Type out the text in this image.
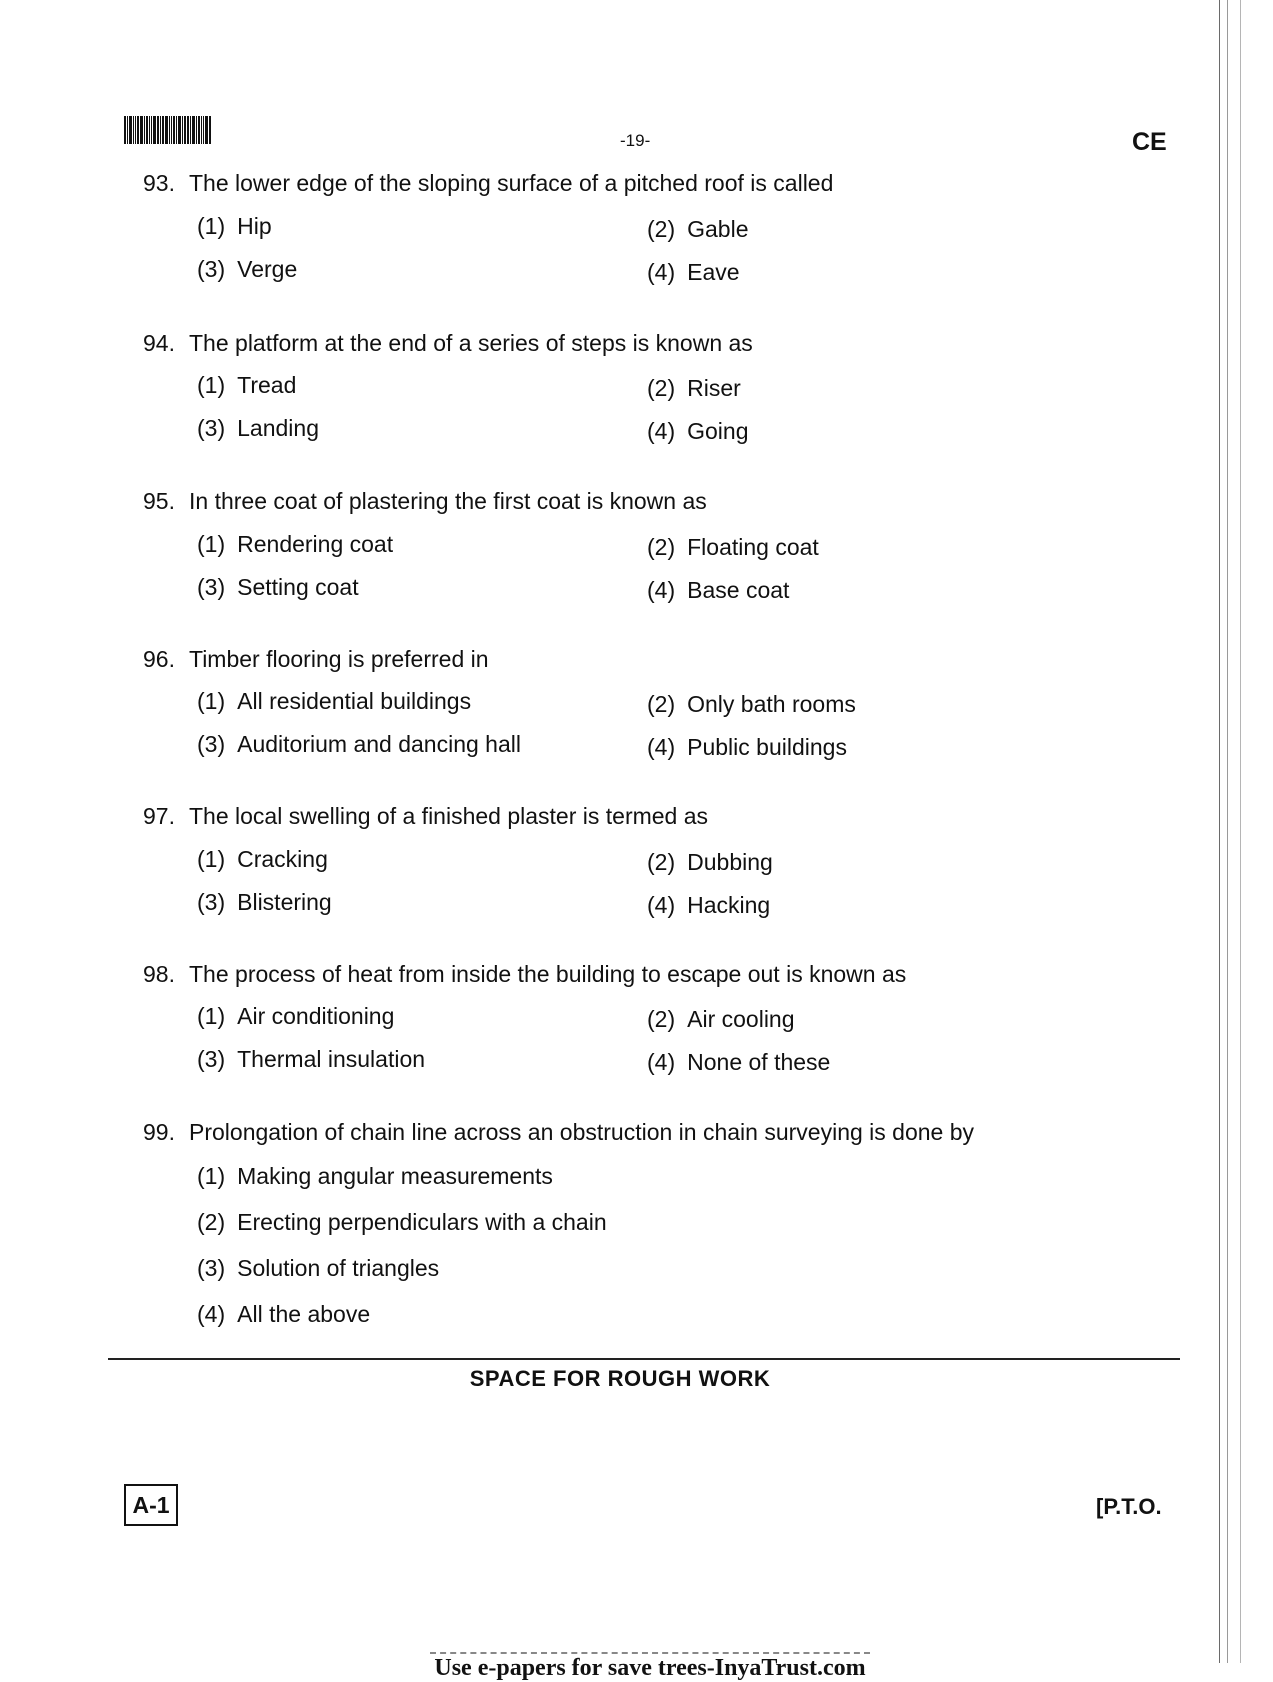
-19-	CE
93. The lower edge of the sloping surface of a pitched roof is called
(1) Hip	(2) Gable
(3) Verge	(4) Eave
94. The platform at the end of a series of steps is known as
(1) Tread	(2) Riser
(3) Landing	(4) Going
95. In three coat of plastering the first coat is known as
(1) Rendering coat	(2) Floating coat
(3) Setting coat	(4) Base coat
96. Timber flooring is preferred in
(1) All residential buildings	(2) Only bath rooms
(3) Auditorium and dancing hall	(4) Public buildings
97. The local swelling of a finished plaster is termed as
(1) Cracking	(2) Dubbing
(3) Blistering	(4) Hacking
98. The process of heat from inside the building to escape out is known as
(1) Air conditioning	(2) Air cooling
(3) Thermal insulation	(4) None of these
99. Prolongation of chain line across an obstruction in chain surveying is done by
(1) Making angular measurements
(2) Erecting perpendiculars with a chain
(3) Solution of triangles
(4) All the above
SPACE FOR ROUGH WORK
A-1	[P.T.O.
Use e-papers for save trees-InyaTrust.com
